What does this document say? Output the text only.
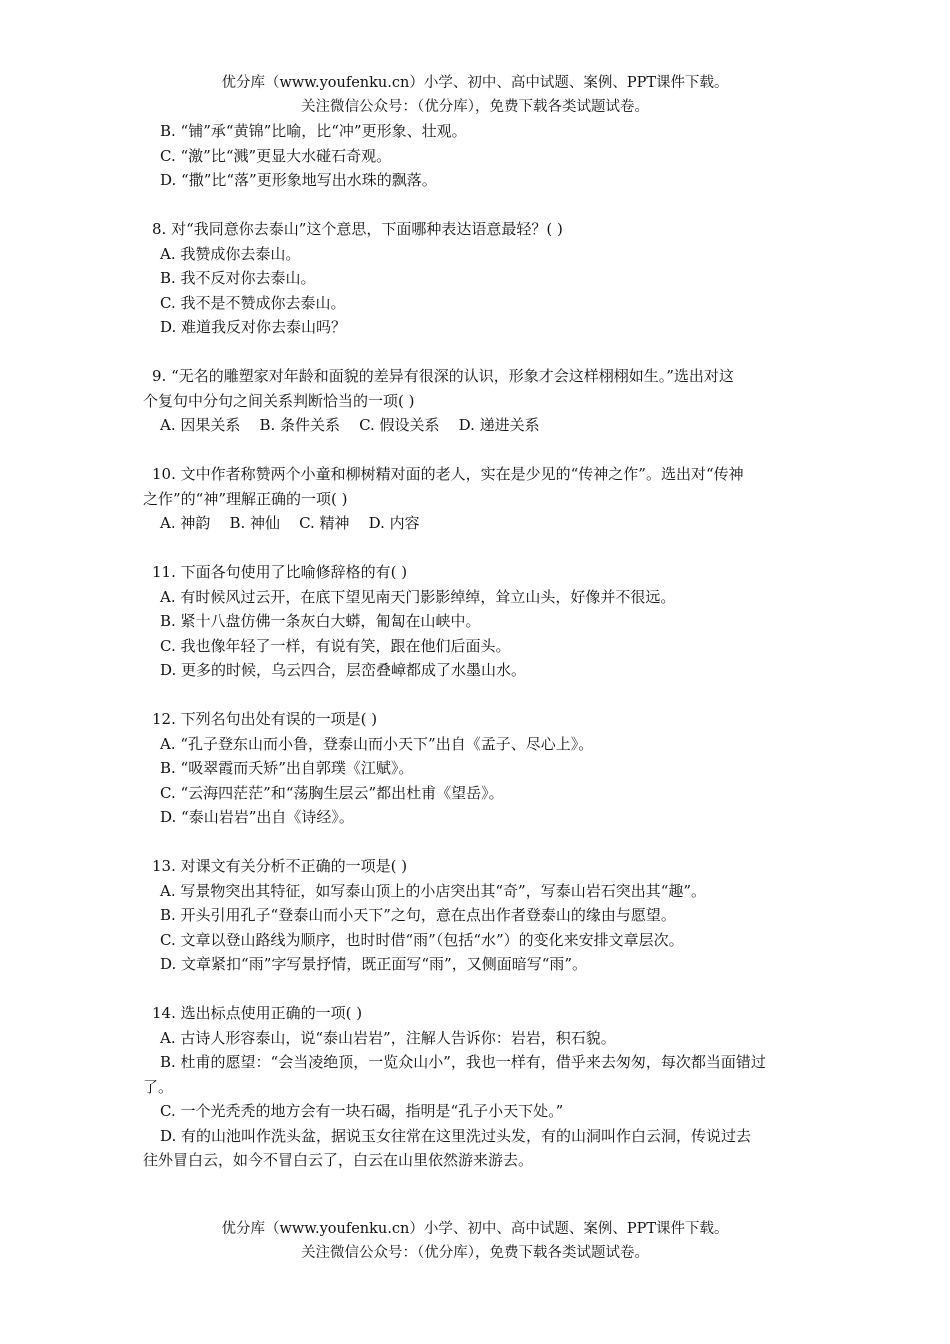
优分库（www.youfenku.cn）小学、初中、高中试题、案例、PPT课件下载。
关注微信公众号：（优分库），免费下载各类试题试卷。
B. “铺”承“黄锦”比喻，比“冲”更形象、壮观。
C. “激”比“溅”更显大水碰石奇观。
D. “撒”比“落”更形象地写出水珠的飘落。
8. 对“我同意你去泰山”这个意思，下面哪种表达语意最轻？( )
A. 我赞成你去泰山。
B. 我不反对你去泰山。
C. 我不是不赞成你去泰山。
D. 难道我反对你去泰山吗？
9. “无名的雕塑家对年龄和面貌的差异有很深的认识，形象才会这样栩栩如生。”选出对这
个复句中分句之间关系判断恰当的一项( )
A. 因果关系    B. 条件关系    C. 假设关系    D. 递进关系
10. 文中作者称赞两个小童和柳树精对面的老人，实在是少见的“传神之作”。选出对“传神
之作”的“神”理解正确的一项( )
A. 神韵    B. 神仙    C. 精神    D. 内容
11. 下面各句使用了比喻修辞格的有( )
A. 有时候风过云开，在底下望见南天门影影绰绰，耸立山头，好像并不很远。
B. 紧十八盘仿佛一条灰白大蟒，匍匐在山峡中。
C. 我也像年轻了一样，有说有笑，跟在他们后面头。
D. 更多的时候，乌云四合，层峦叠嶂都成了水墨山水。
12. 下列名句出处有误的一项是( )
A. “孔子登东山而小鲁，登泰山而小天下”出自《孟子、尽心上》。
B. “吸翠霞而夭矫”出自郭璞《江赋》。
C. “云海四茫茫”和“荡胸生层云”都出杜甫《望岳》。
D. “泰山岩岩”出自《诗经》。
13. 对课文有关分析不正确的一项是( )
A. 写景物突出其特征，如写泰山顶上的小店突出其“奇”，写泰山岩石突出其“趣”。
B. 开头引用孔子“登泰山而小天下”之句，意在点出作者登泰山的缘由与愿望。
C. 文章以登山路线为顺序，也时时借“雨”（包括“水”）的变化来安排文章层次。
D. 文章紧扣“雨”字写景抒情，既正面写“雨”，又侧面暗写“雨”。
14. 选出标点使用正确的一项( )
A. 古诗人形容泰山，说“泰山岩岩”，注解人告诉你：岩岩，积石貌。
B. 杜甫的愿望：“会当凌绝顶，一览众山小”，我也一样有，借乎来去匆匆，每次都当面错过
了。
C. 一个光秃秃的地方会有一块石碣，指明是“孔子小天下处。”
D. 有的山池叫作洗头盆，据说玉女往常在这里洗过头发，有的山洞叫作白云洞，传说过去
往外冒白云，如今不冒白云了，白云在山里依然游来游去。
优分库（www.youfenku.cn）小学、初中、高中试题、案例、PPT课件下载。
关注微信公众号：（优分库），免费下载各类试题试卷。
